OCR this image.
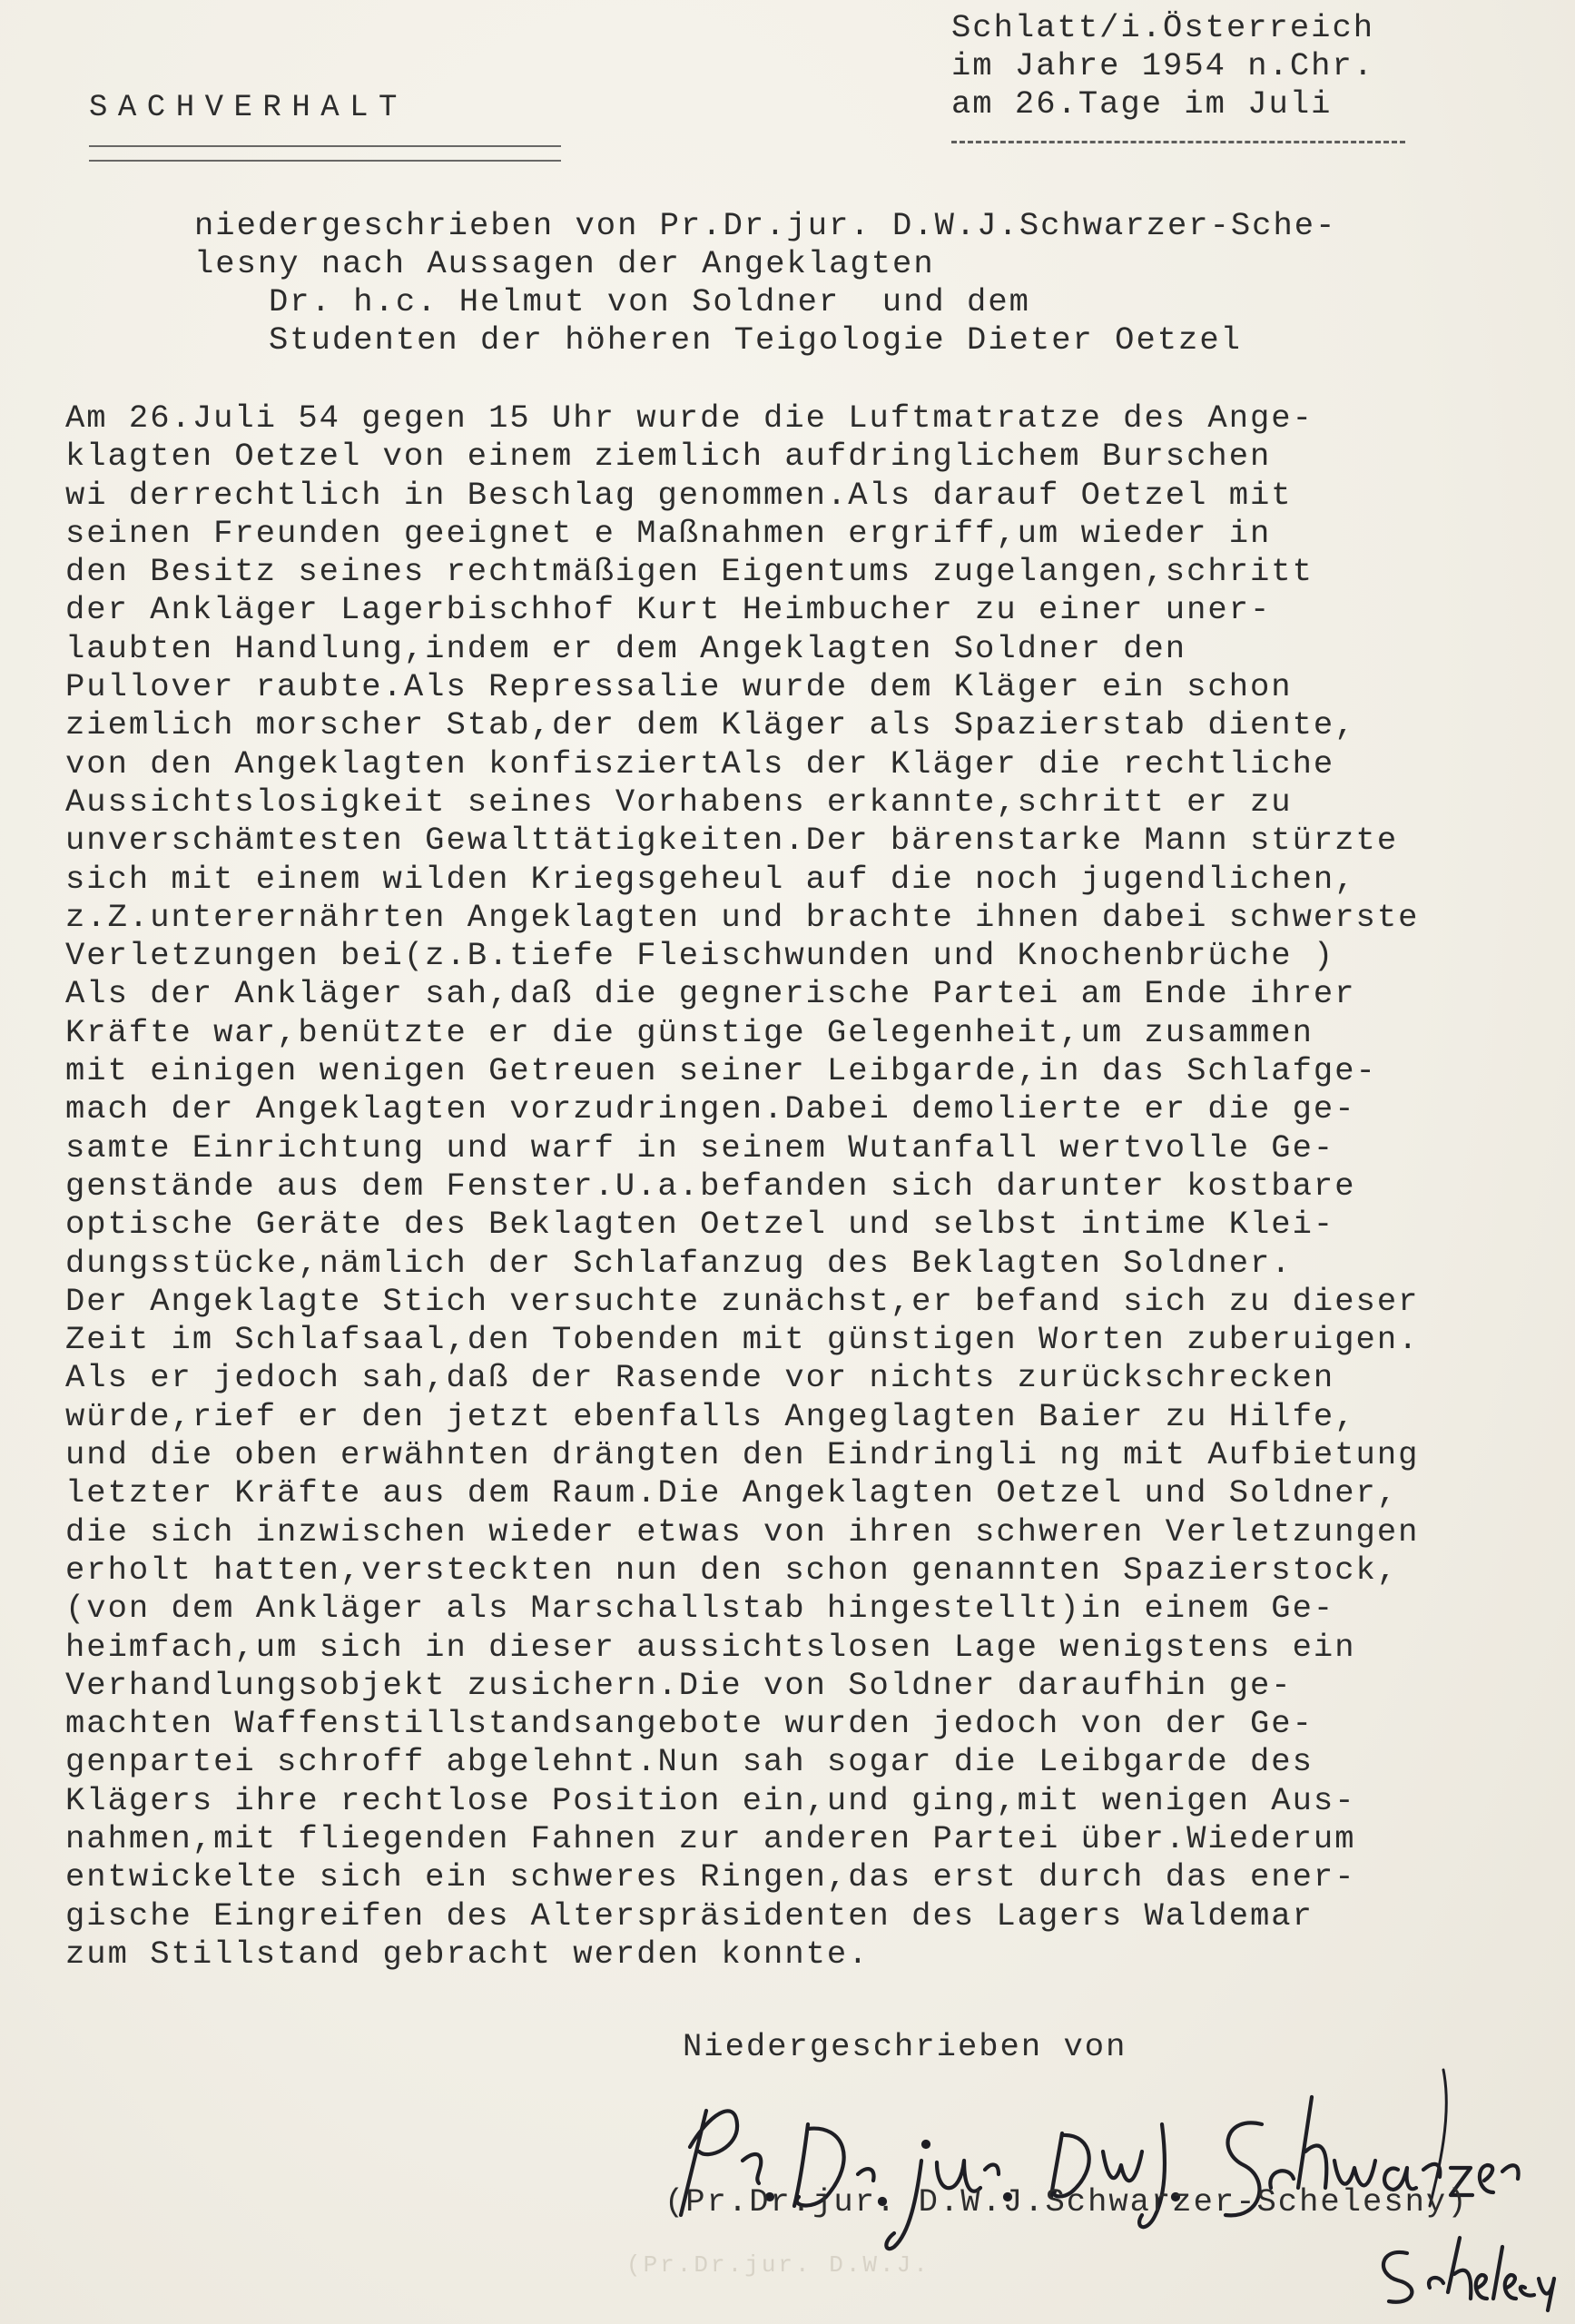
SACHVERHALT
Schlatt/i.Österreich
im Jahre 1954 n.Chr.
am 26.Tage im Juli
niedergeschrieben von Pr.Dr.jur. D.W.J.Schwarzer-Sche-
lesny nach Aussagen der Angeklagten
Dr. h.c. Helmut von Soldner  und dem
Studenten der höheren Teigologie Dieter Oetzel
Am 26.Juli 54 gegen 15 Uhr wurde die Luftmatratze des Ange-
klagten Oetzel von einem ziemlich aufdringlichem Burschen
wi derrechtlich in Beschlag genommen.Als darauf Oetzel mit
seinen Freunden geeignet e Maßnahmen ergriff,um wieder in
den Besitz seines rechtmäßigen Eigentums zugelangen,schritt
der Ankläger Lagerbischhof Kurt Heimbucher zu einer uner-
laubten Handlung,indem er dem Angeklagten Soldner den
Pullover raubte.Als Repressalie wurde dem Kläger ein schon
ziemlich morscher Stab,der dem Kläger als Spazierstab diente,
von den Angeklagten konfisziertAls der Kläger die rechtliche
Aussichtslosigkeit seines Vorhabens erkannte,schritt er zu
unverschämtesten Gewalttätigkeiten.Der bärenstarke Mann stürzte
sich mit einem wilden Kriegsgeheul auf die noch jugendlichen,
z.Z.unterernährten Angeklagten und brachte ihnen dabei schwerste
Verletzungen bei(z.B.tiefe Fleischwunden und Knochenbrüche )
Als der Ankläger sah,daß die gegnerische Partei am Ende ihrer
Kräfte war,benützte er die günstige Gelegenheit,um zusammen
mit einigen wenigen Getreuen seiner Leibgarde,in das Schlafge-
mach der Angeklagten vorzudringen.Dabei demolierte er die ge-
samte Einrichtung und warf in seinem Wutanfall wertvolle Ge-
genstände aus dem Fenster.U.a.befanden sich darunter kostbare
optische Geräte des Beklagten Oetzel und selbst intime Klei-
dungsstücke,nämlich der Schlafanzug des Beklagten Soldner.
Der Angeklagte Stich versuchte zunächst,er befand sich zu dieser
Zeit im Schlafsaal,den Tobenden mit günstigen Worten zuberuigen.
Als er jedoch sah,daß der Rasende vor nichts zurückschrecken
würde,rief er den jetzt ebenfalls Angeglagten Baier zu Hilfe,
und die oben erwähnten drängten den Eindringli ng mit Aufbietung
letzter Kräfte aus dem Raum.Die Angeklagten Oetzel und Soldner,
die sich inzwischen wieder etwas von ihren schweren Verletzungen
erholt hatten,versteckten nun den schon genannten Spazierstock,
(von dem Ankläger als Marschallstab hingestellt)in einem Ge-
heimfach,um sich in dieser aussichtslosen Lage wenigstens ein
Verhandlungsobjekt zusichern.Die von Soldner daraufhin ge-
machten Waffenstillstandsangebote wurden jedoch von der Ge-
genpartei schroff abgelehnt.Nun sah sogar die Leibgarde des
Klägers ihre rechtlose Position ein,und ging,mit wenigen Aus-
nahmen,mit fliegenden Fahnen zur anderen Partei über.Wiederum
entwickelte sich ein schweres Ringen,das erst durch das ener-
gische Eingreifen des Alterspräsidenten des Lagers Waldemar
zum Stillstand gebracht werden konnte.
Niedergeschrieben von
(Pr.Dr.jur. D.W.J.Schwarzer-Schelesny)
(Pr.Dr.jur. D.W.J.
